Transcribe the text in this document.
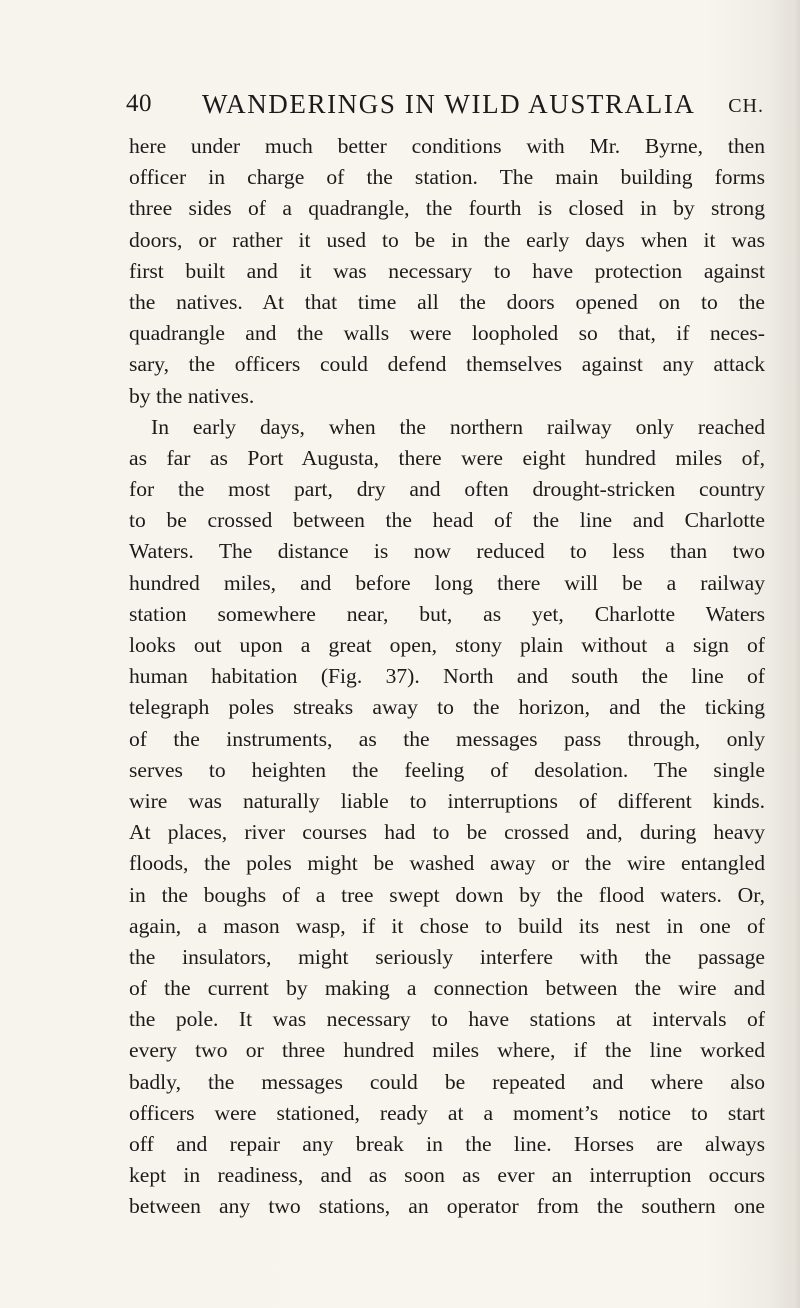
40 WANDERINGS IN WILD AUSTRALIA CH.
here under much better conditions with Mr. Byrne, then
officer in charge of the station. The main building forms
three sides of a quadrangle, the fourth is closed in by strong
doors, or rather it used to be in the early days when it was
first built and it was necessary to have protection against
the natives. At that time all the doors opened on to the
quadrangle and the walls were loopholed so that, if neces-
sary, the officers could defend themselves against any attack
by the natives.
In early days, when the northern railway only reached
as far as Port Augusta, there were eight hundred miles of,
for the most part, dry and often drought-stricken country
to be crossed between the head of the line and Charlotte
Waters. The distance is now reduced to less than two
hundred miles, and before long there will be a railway
station somewhere near, but, as yet, Charlotte Waters
looks out upon a great open, stony plain without a sign of
human habitation (Fig. 37). North and south the line of
telegraph poles streaks away to the horizon, and the ticking
of the instruments, as the messages pass through, only
serves to heighten the feeling of desolation. The single
wire was naturally liable to interruptions of different kinds.
At places, river courses had to be crossed and, during heavy
floods, the poles might be washed away or the wire entangled
in the boughs of a tree swept down by the flood waters. Or,
again, a mason wasp, if it chose to build its nest in one of
the insulators, might seriously interfere with the passage
of the current by making a connection between the wire and
the pole. It was necessary to have stations at intervals of
every two or three hundred miles where, if the line worked
badly, the messages could be repeated and where also
officers were stationed, ready at a moment’s notice to start
off and repair any break in the line. Horses are always
kept in readiness, and as soon as ever an interruption occurs
between any two stations, an operator from the southern one
